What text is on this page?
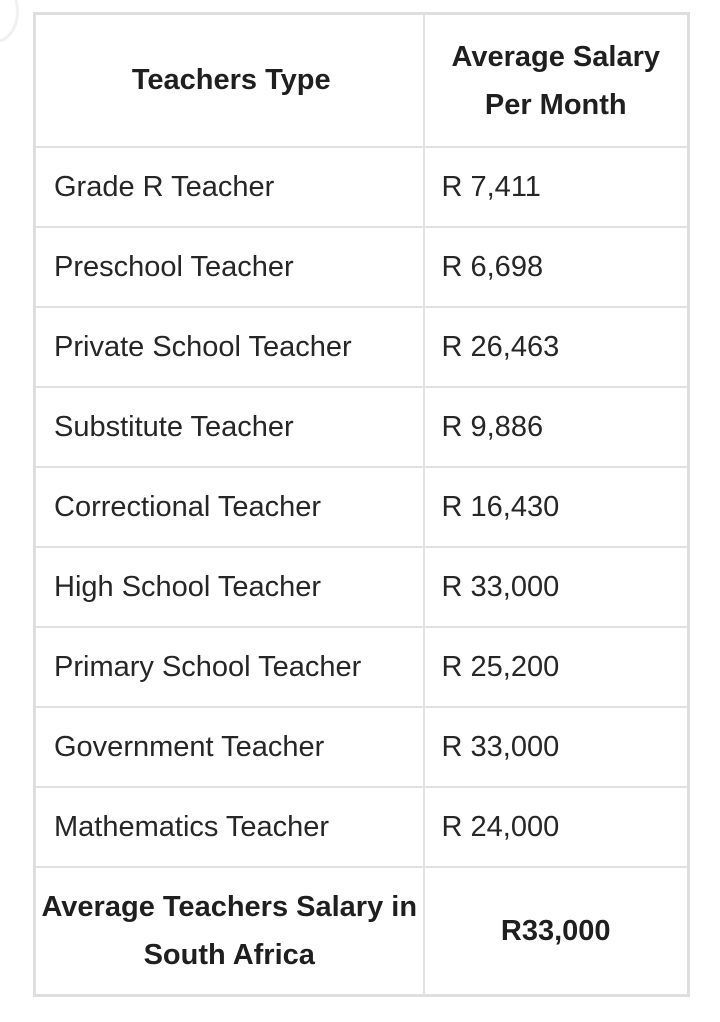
Teachers Type	Average Salary Per Month
Grade R Teacher	R 7,411
Preschool Teacher	R 6,698
Private School Teacher	R 26,463
Substitute Teacher	R 9,886
Correctional Teacher	R 16,430
High School Teacher	R 33,000
Primary School Teacher	R 25,200
Government Teacher	R 33,000
Mathematics Teacher	R 24,000
Average Teachers Salary in South Africa	R33,000
